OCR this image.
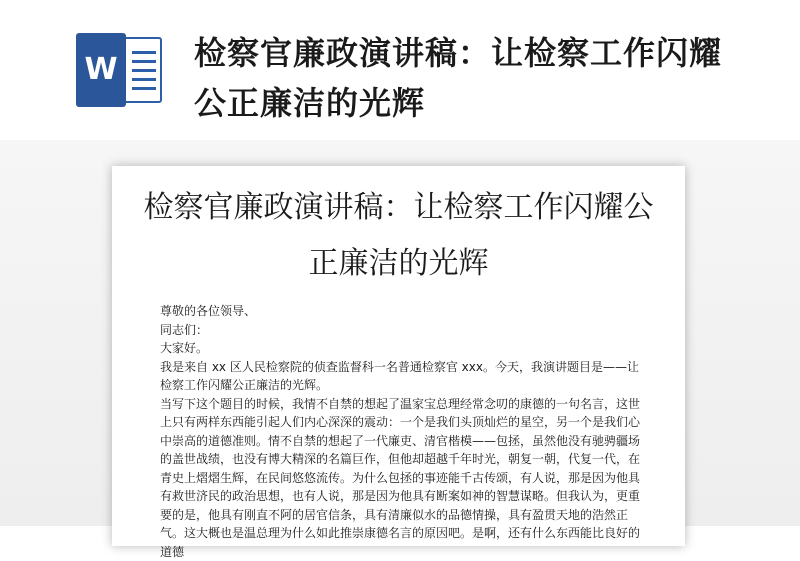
W 检察官廉政演讲稿：让检察工作闪耀公正廉洁的光辉
检察官廉政演讲稿：让检察工作闪耀公正廉洁的光辉

尊敬的各位领导、

同志们：

大家好。

我是来自 xx 区人民检察院的侦查监督科一名普通检察官 xxx。今天，我演讲题目是——让检察工作闪耀公正廉洁的光辉。

当写下这个题目的时候，我情不自禁的想起了温家宝总理经常念叨的康德的一句名言，这世上只有两样东西能引起人们内心深深的震动：一个是我们头顶灿烂的星空，另一个是我们心中崇高的道德准则。情不自禁的想起了一代廉吏、清官楷模——包拯，虽然他没有驰骋疆场的盖世战绩，也没有博大精深的名篇巨作，但他却超越千年时光，朝复一朝，代复一代，在青史上熠熠生辉，在民间悠悠流传。为什么包拯的事迹能千古传颂，有人说，那是因为他具有救世济民的政治思想，也有人说，那是因为他具有断案如神的智慧谋略。但我认为，更重要的是，他具有刚直不阿的居官信条，具有清廉似水的品德情操，具有盈贯天地的浩然正气。这大概也是温总理为什么如此推崇康德名言的原因吧。是啊，还有什么东西能比良好的道德
